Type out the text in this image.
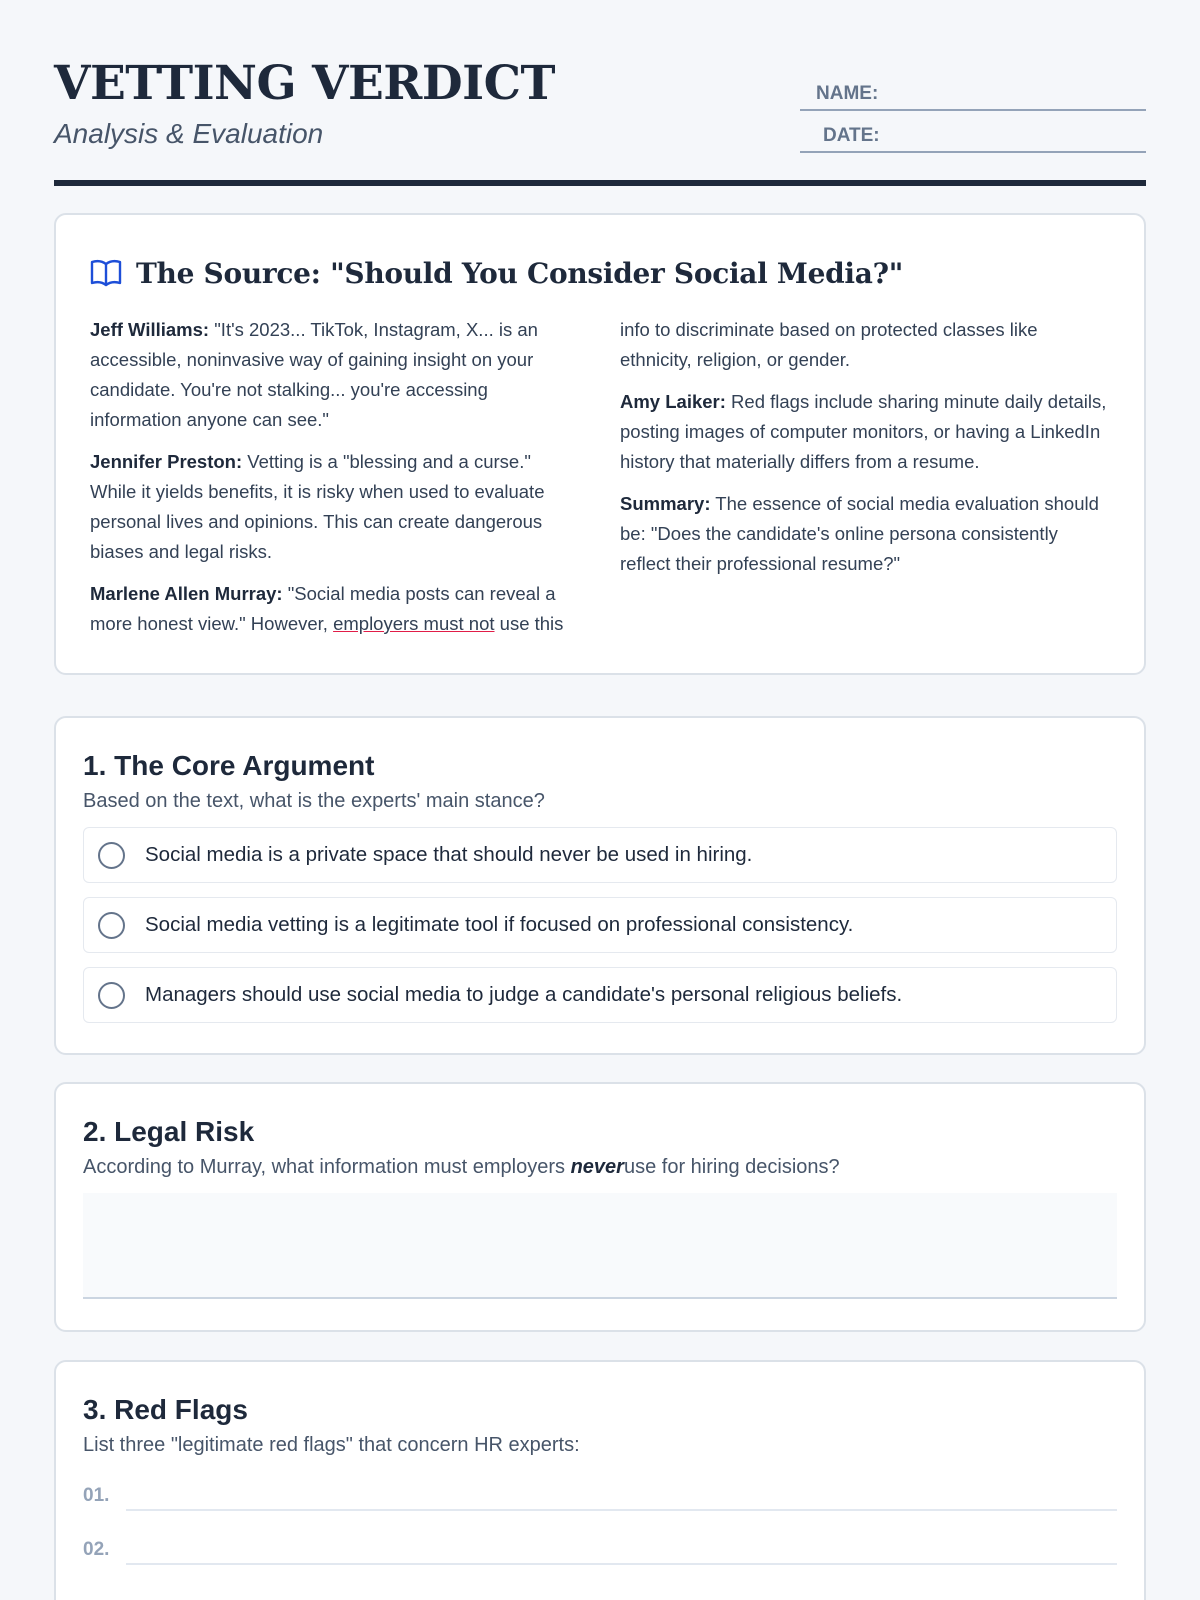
VETTING VERDICT
Analysis & Evaluation
NAME:
DATE:
The Source: "Should You Consider Social Media?"

Jeff Williams: "It's 2023... TikTok, Instagram, X... is an accessible, noninvasive way of gaining insight on your candidate. You're not stalking... you're accessing information anyone can see."

Jennifer Preston: Vetting is a "blessing and a curse." While it yields benefits, it is risky when used to evaluate personal lives and opinions. This can create dangerous biases and legal risks.

Marlene Allen Murray: "Social media posts can reveal a more honest view." However, employers must not use this info to discriminate based on protected classes like ethnicity, religion, or gender.

Amy Laiker: Red flags include sharing minute daily details, posting images of computer monitors, or having a LinkedIn history that materially differs from a resume.

Summary: The essence of social media evaluation should be: "Does the candidate's online persona consistently reflect their professional resume?"

1. The Core Argument
Based on the text, what is the experts' main stance?
Social media is a private space that should never be used in hiring.
Social media vetting is a legitimate tool if focused on professional consistency.
Managers should use social media to judge a candidate's personal religious beliefs.
2. Legal Risk
According to Murray, what information must employers neveruse for hiring decisions?
3. Red Flags
List three "legitimate red flags" that concern HR experts:
01.
02.
